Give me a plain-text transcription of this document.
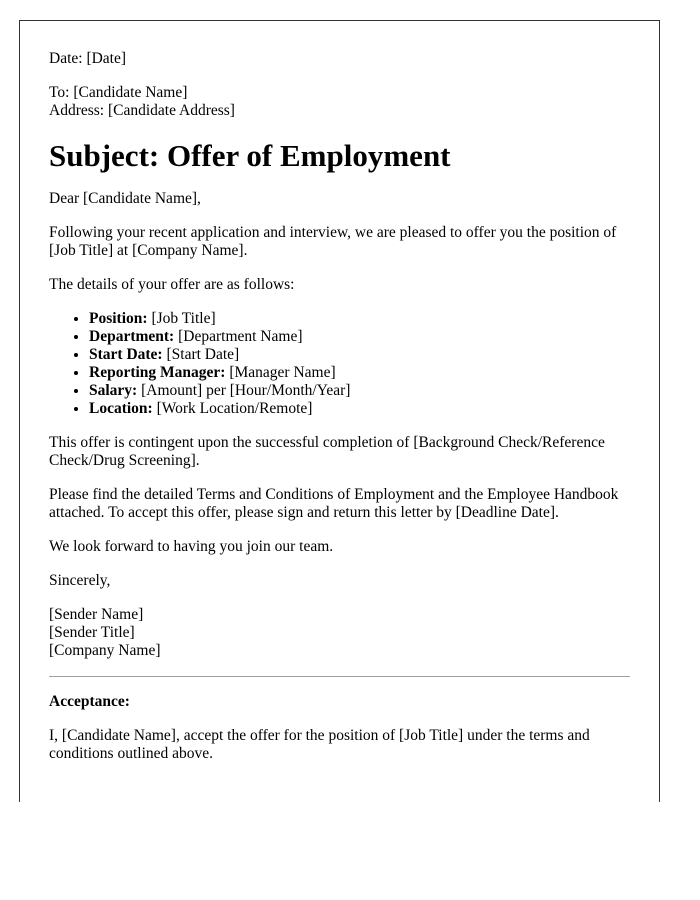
Date: [Date]

To: [Candidate Name]

Address: [Candidate Address]

Subject: Offer of Employment

Dear [Candidate Name],

Following your recent application and interview, we are pleased to offer you the position of [Job Title] at [Company Name].

The details of your offer are as follows:

• Position: [Job Title]
• Department: [Department Name]
• Start Date: [Start Date]
• Reporting Manager: [Manager Name]
• Salary: [Amount] per [Hour/Month/Year]
• Location: [Work Location/Remote]

This offer is contingent upon the successful completion of [Background Check/Reference Check/Drug Screening].

Please find the detailed Terms and Conditions of Employment and the Employee Handbook attached. To accept this offer, please sign and return this letter by [Deadline Date].

We look forward to having you join our team.

Sincerely,

[Sender Name]

[Sender Title]

[Company Name]

Acceptance:

I, [Candidate Name], accept the offer for the position of [Job Title] under the terms and conditions outlined above.
